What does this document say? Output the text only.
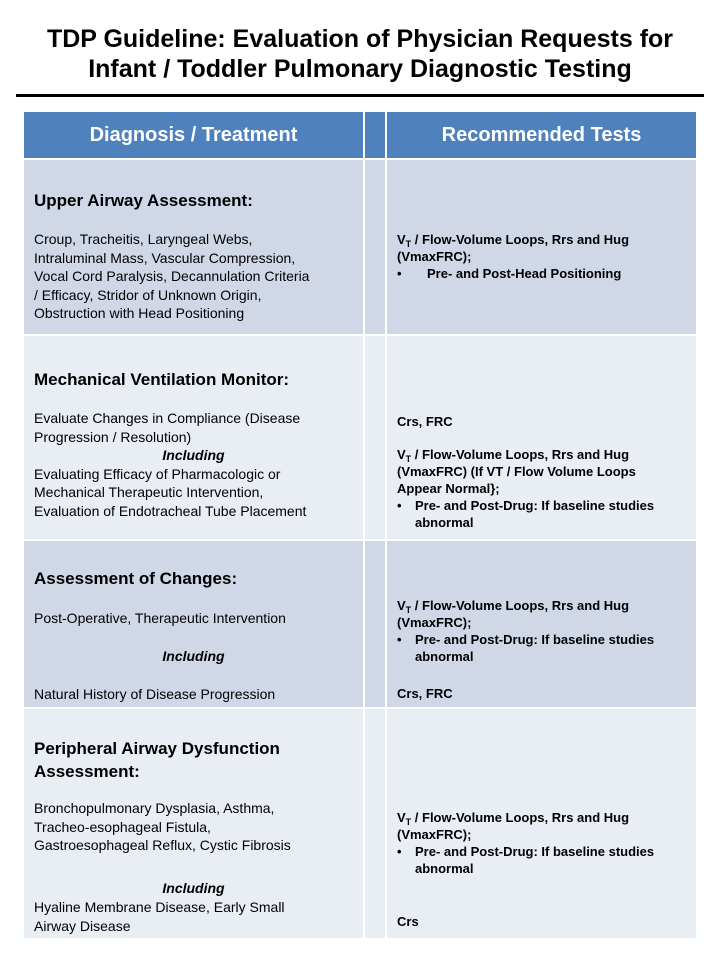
TDP Guideline: Evaluation of Physician Requests for
Infant / Toddler Pulmonary Diagnostic Testing
Diagnosis / Treatment	Recommended Tests
Upper Airway Assessment:
Croup, Tracheitis, Laryngeal Webs,
Intraluminal Mass, Vascular Compression,
Vocal Cord Paralysis, Decannulation Criteria
/ Efficacy, Stridor of Unknown Origin,
Obstruction with Head Positioning
$V_T$ / Flow-Volume Loops, Rrs and Hug
(VmaxFRC);
• Pre- and Post-Head Positioning
Mechanical Ventilation Monitor:
Evaluate Changes in Compliance (Disease
Progression / Resolution)
Including
Evaluating Efficacy of Pharmacologic or
Mechanical Therapeutic Intervention,
Evaluation of Endotracheal Tube Placement
Crs, FRC
$V_T$ / Flow-Volume Loops, Rrs and Hug
(VmaxFRC) (If VT / Flow Volume Loops
Appear Normal};
• Pre- and Post-Drug: If baseline studies
abnormal
Assessment of Changes:
Post-Operative, Therapeutic Intervention
Including
Natural History of Disease Progression
$V_T$ / Flow-Volume Loops, Rrs and Hug
(VmaxFRC);
• Pre- and Post-Drug: If baseline studies
abnormal
Crs, FRC
Peripheral Airway Dysfunction
Assessment:
Bronchopulmonary Dysplasia, Asthma,
Tracheo-esophageal Fistula,
Gastroesophageal Reflux, Cystic Fibrosis
Including
Hyaline Membrane Disease, Early Small
Airway Disease
$V_T$ / Flow-Volume Loops, Rrs and Hug
(VmaxFRC);
• Pre- and Post-Drug: If baseline studies
abnormal
Crs
